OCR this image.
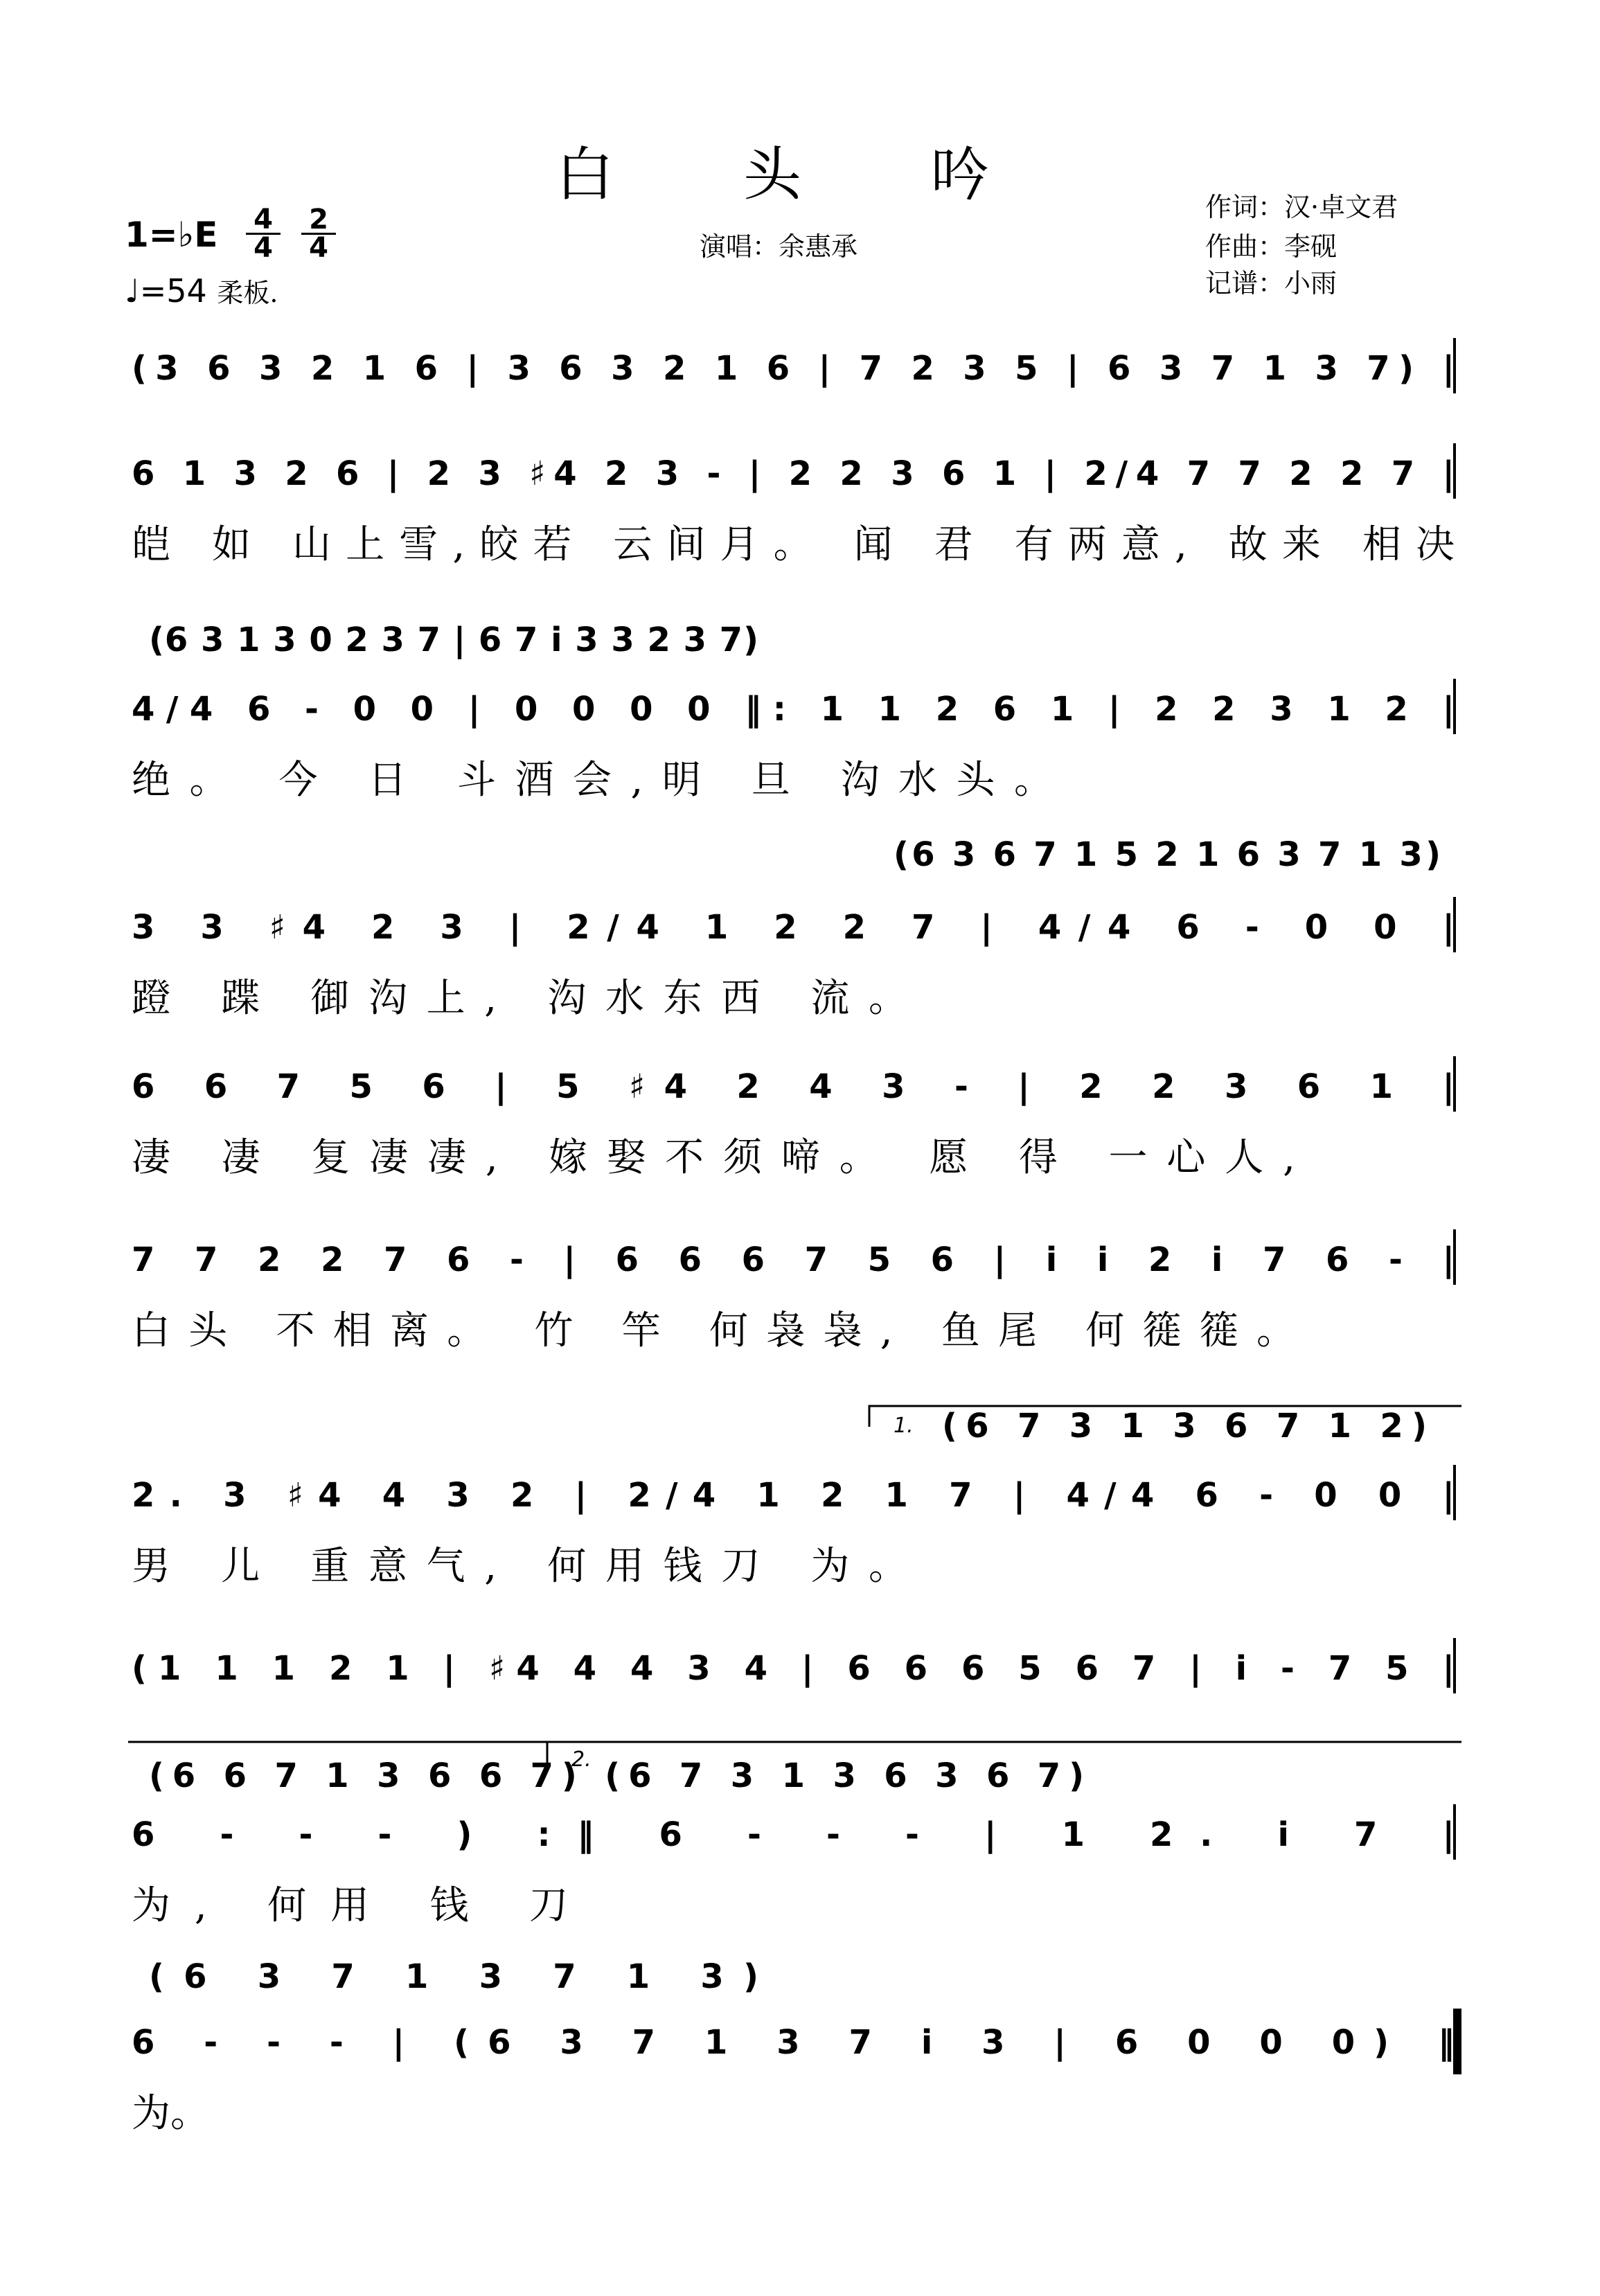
白 头 吟	作词：汉·卓文君
作曲：李砚
记谱：小雨
演唱：余惠承
1=♭E $\frac{4}{4} \frac{2}{4}$
♩=54 柔板.
1.
2.
(3 6 3 2 1 6 | 3 6 3 2 1 6 | 7 2 3 5 | 6 3 7 1 3 7) |
6 1 3 2 6 | 2 3 ♯4 2 3 - | 2 2 3 6 1 | 2/4 7 7 2 2 7 |
皑 如 山上雪,皎若 云间月。 闻 君 有两意, 故来 相决
(6 3 1 3 0 2 3 7 | 6 7 i 3 3 2 3 7)
4/4 6 - 0 0 | 0 0 0 0 ‖: 1 1 2 6 1 | 2 2 3 1 2 |
绝。 今 日 斗酒会,明 旦 沟水头。
(6 3 6 7 1 5 2 1 6 3 7 1 3)
3 3 ♯4 2 3 | 2/4 1 2 2 7 | 4/4 6 - 0 0 |
蹬 蹀 御沟上, 沟水东西 流。
6 6 7 5 6 | 5 ♯4 2 4 3 - | 2 2 3 6 1 |
凄 凄 复凄凄, 嫁娶不须啼。 愿 得 一心人,
7 7 2 2 7 6 - | 6 6 6 7 5 6 | i i 2 i 7 6 - |
白头 不相离。 竹 竿 何袅袅, 鱼尾 何簁簁。
(6 7 3 1 3 6 7 1 2)
2. 3 ♯4 4 3 2 | 2/4 1 2 1 7 | 4/4 6 - 0 0 |
男 儿 重意气, 何用钱刀 为。
(1 1 1 2 1 | ♯4 4 4 3 4 | 6 6 6 5 6 7 | i - 7 5 |
(6 6 7 1 3 6 6 7) (6 7 3 1 3 6 3 6 7)
6 - - - ) :‖ 6 - - - | 1 2. i 7 |
为, 何用 钱 刀
(6 3 7 1 3 7 1 3)
6 - - - | (6 3 7 1 3 7 i 3 | 6 0 0 0) ‖
为。
